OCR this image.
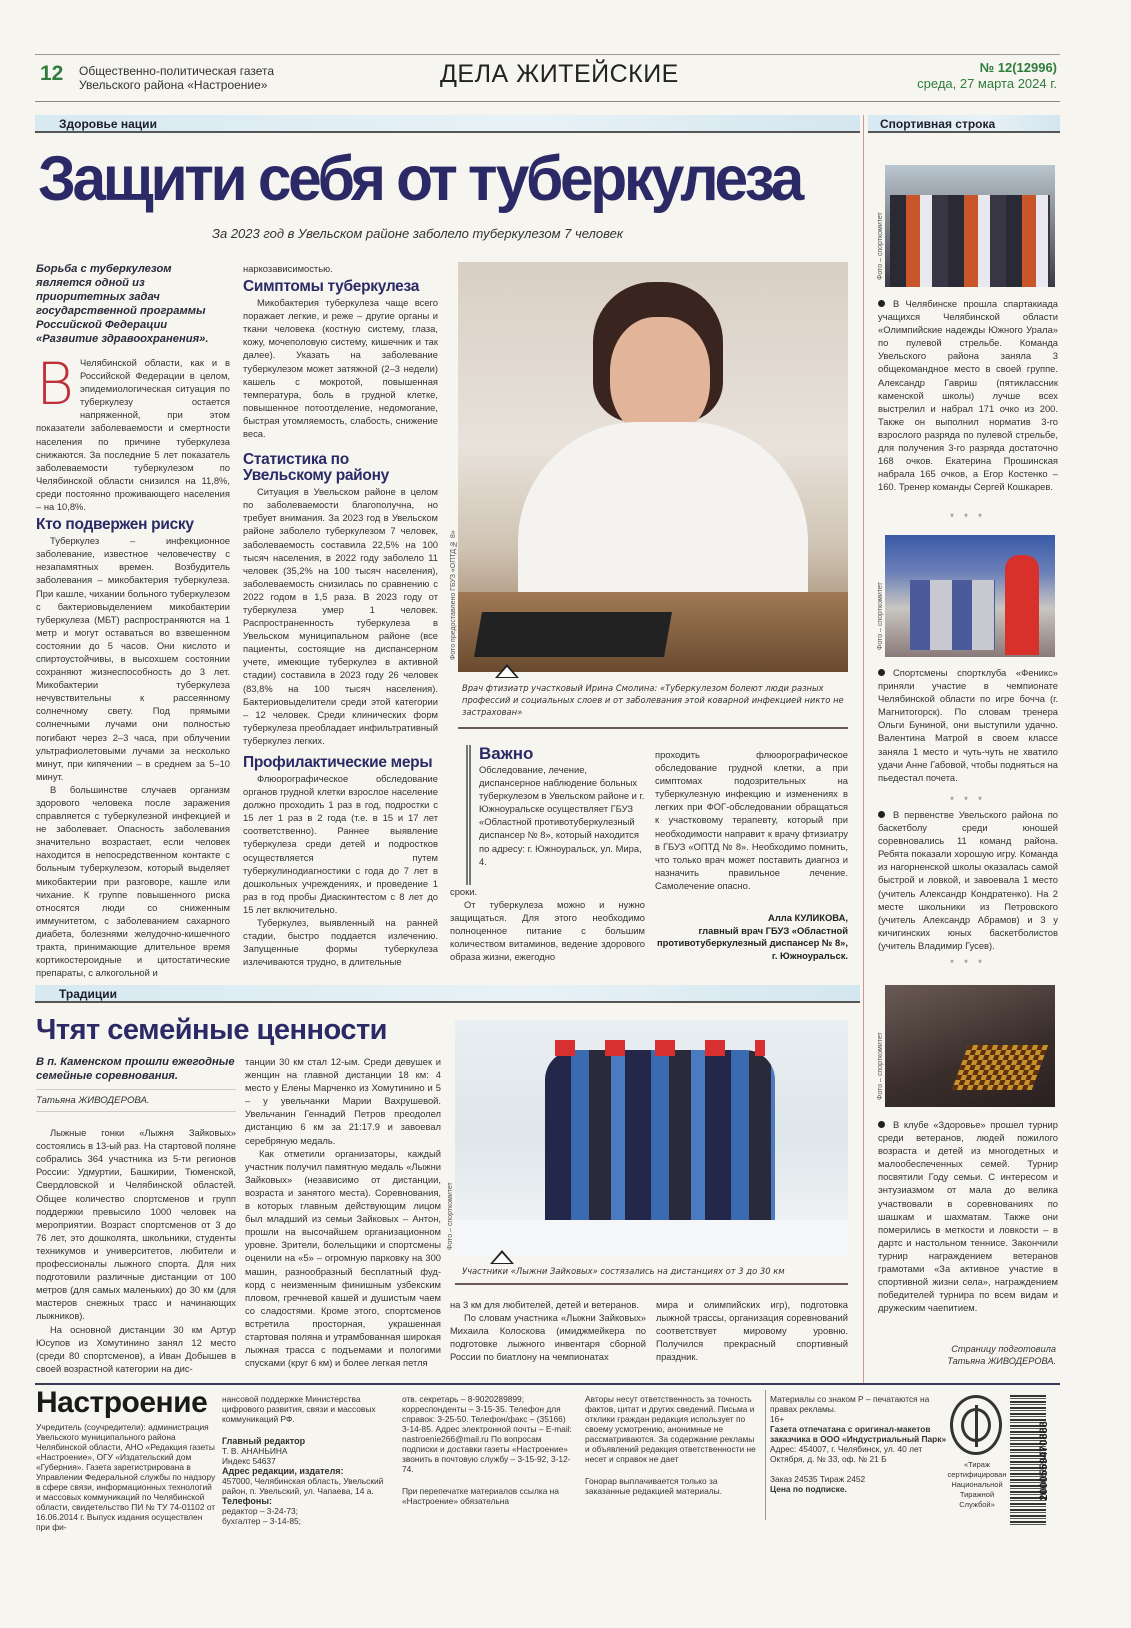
12 Общественно-политическая газета
Увельского района «Настроение»	ДЕЛА ЖИТЕЙСКИЕ	№ 12(12996)
среда, 27 марта 2024 г.
Здоровье нации	Спортивная строка
Защити себя от туберкулеза
За 2023 год в Увельском районе заболело туберкулезом 7 человек
Борьба с туберкулезом является одной из приоритетных задач государственной программы Российской Федерации «Развитие здравоохранения».

В Челябинской области, как и в Российской Федерации в целом, эпидемиологическая ситуация по туберкулезу остается напряженной, при этом показатели заболеваемости и смертности населения по причине туберкулеза снижаются. За последние 5 лет показатель заболеваемости туберкулезом по Челябинской области снизился на 11,8%, среди постоянно проживающего населения – на 10,8%.

Кто подвержен риску

Туберкулез – инфекционное заболевание, известное человечеству с незапамятных времен. Возбудитель заболевания – микобактерия туберкулеза. При кашле, чихании больного туберкулезом с бактериовыделением микобактерии туберкулеза (МБТ) распространяются на 1 метр и могут оставаться во взвешенном состоянии до 5 часов. Они кислото и спиртоустойчивы, в высохшем состоянии сохраняют жизнеспособность до 3 лет. Микобактерии туберкулеза нечувствительны к рассеянному солнечному свету. Под прямыми солнечными лучами они полностью погибают через 2–3 часа, при облучении ультрафиолетовыми лучами за несколько минут, при кипячении – в среднем за 5–10 минут.

В большинстве случаев организм здорового человека после заражения справляется с туберкулезной инфекцией и не заболевает. Опасность заболевания значительно возрастает, если человек находится в непосредственном контакте с больным туберкулезом, который выделяет микобактерии при разговоре, кашле или чихание. К группе повышенного риска относятся люди со сниженным иммунитетом, с заболеванием сахарного диабета, болезнями желудочно-кишечного тракта, принимающие длительное время кортикостероидные и цитостатические препараты, с алкогольной и

наркозависимостью.

Симптомы туберкулеза

Микобактерия туберкулеза чаще всего поражает легкие, и реже – другие органы и ткани человека (костную систему, глаза, кожу, мочеполовую систему, кишечник и так далее). Указать на заболевание туберкулезом может затяжной (2–3 недели) кашель с мокротой, повышенная температура, боль в грудной клетке, повышенное потоотделение, недомогание, быстрая утомляемость, слабость, снижение веса.

Статистика по Увельскому району

Ситуация в Увельском районе в целом по заболеваемости благополучна, но требует внимания. За 2023 год в Увельском районе заболело туберкулезом 7 человек, заболеваемость составила 22,5% на 100 тысяч населения, в 2022 году заболело 11 человек (35,2% на 100 тысяч населения), заболеваемость снизилась по сравнению с 2022 годом в 1,5 раза. В 2023 году от туберкулеза умер 1 человек. Распространенность туберкулеза в Увельском муниципальном районе (все пациенты, состоящие на диспансерном учете, имеющие туберкулез в активной стадии) составила в 2023 году 26 человек (83,8% на 100 тысяч населения). Бактериовыделители среди этой категории – 12 человек. Среди клинических форм туберкулеза преобладает инфильтративный туберкулез легких.

Профилактические меры

Флюорографическое обследование органов грудной клетки взрослое население должно проходить 1 раз в год, подростки с 15 лет 1 раз в 2 года (т.е. в 15 и 17 лет соответственно). Раннее выявление туберкулеза среди детей и подростков осуществляется путем туберкулинодиагностики с года до 7 лет в дошкольных учреждениях, и проведение 1 раз в год пробы Диаскинтестом с 8 лет до 15 лет включительно.

Туберкулез, выявленный на ранней стадии, быстро поддается излечению. Запущенные формы туберкулеза излечиваются трудно, в длительные

Фото предоставлено ГБУЗ «ОПТД № 8»
Врач фтизиатр участковый Ирина Смолина: «Туберкулезом болеют люди разных профессий и социальных слоев и от заболевания этой коварной инфекцией никто не застрахован»
Важно
Обследование, лечение, диспансерное наблюдение больных туберкулезом в Увельском районе и г. Южноуральске осуществляет ГБУЗ «Областной противотуберкулезный диспансер № 8», который находится по адресу: г. Южноуральск, ул. Мира, 4.

сроки.

От туберкулеза можно и нужно защищаться. Для этого необходимо полноценное питание с большим количеством витаминов, ведение здорового образа жизни, ежегодно

проходить флюорографическое обследование грудной клетки, а при симптомах подозрительных на туберкулезную инфекцию и изменениях в легких при ФОГ-обследовании обращаться к участковому терапевту, который при необходимости направит к врачу фтизиатру в ГБУЗ «ОПТД № 8». Необходимо помнить, что только врач может поставить диагноз и назначить правильное лечение. Самолечение опасно.

Алла КУЛИКОВА,
главный врач ГБУЗ «Областной противотуберкулезный диспансер № 8», г. Южноуральск.
Фото – спорткомитет

В Челябинске прошла спартакиада учащихся Челябинской области «Олимпийские надежды Южного Урала» по пулевой стрельбе. Команда Увельского района заняла 3 общекомандное место в своей группе. Александр Гавриш (пятиклассник каменской школы) лучше всех выстрелил и набрал 171 очко из 200. Также он выполнил норматив 3-го взрослого разряда по пулевой стрельбе, для получения 3-го разряда достаточно 168 очков. Екатерина Прошинская набрала 165 очков, а Егор Костенко – 160. Тренер команды Сергей Кошкарев.

* * *
Фото – спорткомитет

Спортсмены спортклуба «Феникс» приняли участие в чемпионате Челябинской области по игре бочча (г. Магнитогорск). По словам тренера Ольги Буниной, они выступили удачно. Валентина Матрой в своем классе заняла 1 место и чуть-чуть не хватило удачи Анне Габовой, чтобы подняться на пьедестал почета.

* * *

В первенстве Увельского района по баскетболу среди юношей соревновались 11 команд района. Ребята показали хорошую игру. Команда из нагорненской школы оказалась самой быстрой и ловкой, и завоевала 1 место (учитель Александр Кондратенко). На 2 месте школьники из Петровского (учитель Александр Абрамов) и 3 у кичигинских юных баскетболистов (учитель Владимир Гусев).

* * *
Фото – спорткомитет

В клубе «Здоровье» прошел турнир среди ветеранов, людей пожилого возраста и детей из многодетных и малообеспеченных семей. Турнир посвятили Году семьи. С интересом и энтузиазмом от мала до велика участвовали в соревнованиях по шашкам и шахматам. Также они померились в меткости и ловкости – в дартс и настольном теннисе. Закончили турнир награждением ветеранов грамотами «За активное участие в спортивной жизни села», награждением победителей турнира по всем видам и дружеским чаепитием.

Страницу подготовила
Татьяна ЖИВОДЕРОВА.
Традиции
Чтят семейные ценности
В п. Каменском прошли ежегодные семейные соревнования.
Татьяна ЖИВОДЕРОВА.

Лыжные гонки «Лыжня Зайковых» состоялись в 13-ый раз. На стартовой поляне собрались 364 участника из 5-ти регионов России: Удмуртии, Башкирии, Тюменской, Свердловской и Челябинской областей. Общее количество спортсменов и групп поддержки превысило 1000 человек на мероприятии. Возраст спортсменов от 3 до 76 лет, это дошколята, школьники, студенты техникумов и университетов, любители и профессионалы лыжного спорта. Для них подготовили различные дистанции от 100 метров (для самых маленьких) до 30 км (для мастеров снежных трасс и начинающих лыжников).

На основной дистанции 30 км Артур Юсупов из Хомутинино занял 12 место (среди 80 спортсменов), а Иван Добышев в своей возрастной категории на дис-

танции 30 км стал 12-ым. Среди девушек и женщин на главной дистанции 18 км: 4 место у Елены Марченко из Хомутинино и 5 – у увельчанки Марии Вахрушевой. Увельчанин Геннадий Петров преодолел дистанцию 6 км за 21:17.9 и завоевал серебряную медаль.

Как отметили организаторы, каждый участник получил памятную медаль «Лыжни Зайковых» (независимо от дистанции, возраста и занятого места). Соревнования, в которых главным действующим лицом был младший из семьи Зайковых – Антон, прошли на высочайшем организационном уровне. Зрители, болельщики и спортсмены оценили на «5» – огромную парковку на 300 машин, разнообразный бесплатный фуд-корд с неизменным финишным узбекским пловом, гречневой кашей и душистым чаем со сладостями. Кроме этого, спортсменов встретила просторная, украшенная стартовая поляна и утрамбованная широкая лыжная трасса с подъемами и пологими спусками (круг 6 км) и более легкая петля

Фото – спорткомитет
Участники «Лыжни Зайковых» состязались на дистанциях от 3 до 30 км

на 3 км для любителей, детей и ветеранов.

По словам участника «Лыжни Зайковых» Михаила Колоскова (имиджмейкера по подготовке лыжного инвентаря сборной России по биатлону на чемпионатах

мира и олимпийских игр), подготовка лыжной трассы, организация соревнований соответствует мировому уровню. Получился прекрасный спортивный праздник.

Настроение
Учредитель (соучредители): администрация Увельского муниципального района Челябинской области, АНО «Редакция газеты «Настроение», ОГУ «Издательский дом «Губерния». Газета зарегистрирована в Управлении Федеральной службы по надзору в сфере связи, информационных технологий и массовых коммуникаций по Челябинской области, свидетельство ПИ № ТУ 74-01102 от 16.06.2014 г. Выпуск издания осуществлен при фи-

нансовой поддержке Министерства цифрового развития, связи и массовых коммуникаций РФ.

Главный редактор

Т. В. АНАНЬИНА

Индекс 54637

Адрес редакции, издателя:

457000, Челябинская область, Увельский район, п. Увельский, ул. Чапаева, 14 а.

Телефоны:

редактор – 3-24-73;

бухгалтер – 3-14-85;

отв. секретарь – 8-9020289899; корреспонденты – 3-15-35. Телефон для справок: 3-25-50. Телефон/факс – (35166) 3-14-85. Адрес электронной почты – E-mail: nastroenie266@mail.ru По вопросам подписки и доставки газеты «Настроение» звонить в почтовую службу – 3-15-92, 3-12-74.

При перепечатке материалов ссылка на «Настроение» обязательна

Авторы несут ответственность за точность фактов, цитат и других сведений. Письма и отклики граждан редакция использует по своему усмотрению, анонимные не рассматриваются. За содержание рекламы и объявлений редакция ответственности не несет и справок не дает

Гонорар выплачивается только за заказанные редакцией материалы.

Материалы со знаком Р – печатаются на правах рекламы.

16+

Газета отпечатана с оригинал-макетов заказчика в ООО «Индустриальный Парк»

Адрес: 454007, г. Челябинск, ул. 40 лет Октября, д. № 33, оф. № 21 Б

Заказ 24535 Тираж 2452

Цена по подписке.

«Тираж сертифицирован Национальной Тиражной Службой»
2000559470888
